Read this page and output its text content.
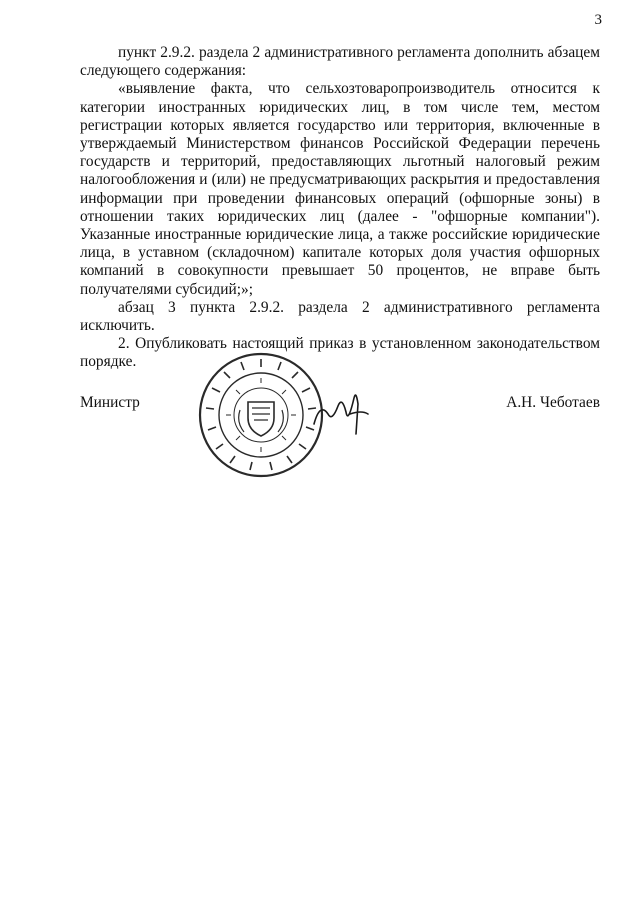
3

пункт 2.9.2. раздела 2 административного регламента дополнить абзацем следующего содержания:

«выявление факта, что сельхозтоваропроизводитель относится к категории иностранных юридических лиц, в том числе тем, местом регистрации которых является государство или территория, включенные в утверждаемый Министерством финансов Российской Федерации перечень государств и территорий, предоставляющих льготный налоговый режим налогообложения и (или) не предусматривающих раскрытия и предоставления информации при проведении финансовых операций (офшорные зоны) в отношении таких юридических лиц (далее - "офшорные компании"). Указанные иностранные юридические лица, а также российские юридические лица, в уставном (складочном) капитале которых доля участия офшорных компаний в совокупности превышает 50 процентов, не вправе быть получателями субсидий;»;

абзац 3 пункта 2.9.2. раздела 2 административного регламента исключить.

2. Опубликовать настоящий приказ в установленном законодательством порядке.

Министр	А.Н. Чеботаев
